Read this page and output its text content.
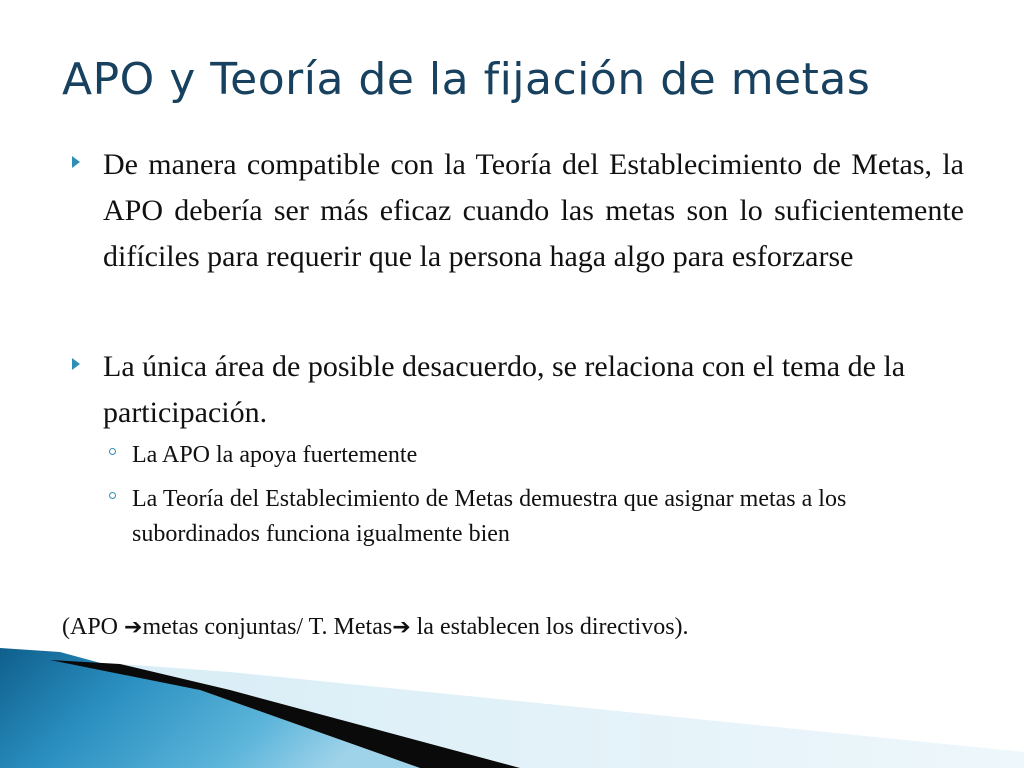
APO y Teoría de la fijación de metas
De manera compatible con la Teoría del Establecimiento de Metas, la APO debería ser más eficaz cuando las metas son lo suficientemente difíciles para requerir que la persona haga algo para esforzarse
La única área de posible desacuerdo, se relaciona con el tema de la participación.
La APO la apoya fuertemente
La Teoría del Establecimiento de Metas demuestra que asignar metas a los subordinados funciona igualmente bien
(APO ➔metas conjuntas/ T. Metas➔ la establecen los directivos).
